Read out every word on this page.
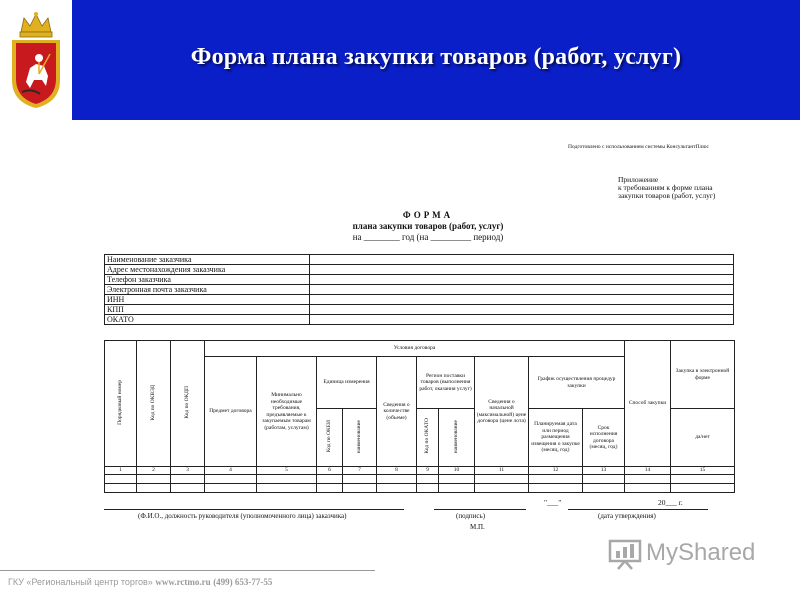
Форма плана закупки товаров (работ, услуг)
Подготовлено с использованием системы КонсультантПлюс
Приложение
к требованиям к форме плана
закупки товаров (работ, услуг)
ФОРМА
плана закупки товаров (работ, услуг)
на ________ год (на _________ период)
Наименование заказчика	
Адрес местонахождения заказчика	
Телефон заказчика	
Электронная почта заказчика	
ИНН	
КПП	
ОКАТО	
Порядковый номер	Код по ОКВЭД	Код по ОКДП	Условия договора										Способ закупки	Закупка в электронной форме
			Предмет договора	Минимально необходимые требования, предъявляемые к закупаемым товарам (работам, услугам)	Единица измерения		Сведения о количестве (объеме)	Регион поставки товаров (выполнения работ, оказания услуг)		Сведения о начальной (максимальной) цене договора (цене лота)	График осуществления процедур закупки			
					Код по ОКЕИ	наименование		Код по ОКАТО	наименование		Планируемая дата или период размещения извещения о закупке (месяц, год)	Срок исполнения договора (месяц, год)		да/нет
1	2	3	4	5	6	7	8	9	10	11	12	13	14	15

"___"	20___ г.
(Ф.И.О., должность руководителя (уполномоченного лица) заказчика)	(подпись)	(дата утверждения)
М.П.
MyShared
ГКУ «Региональный центр торгов» www.rctmo.ru (499) 653-77-55
